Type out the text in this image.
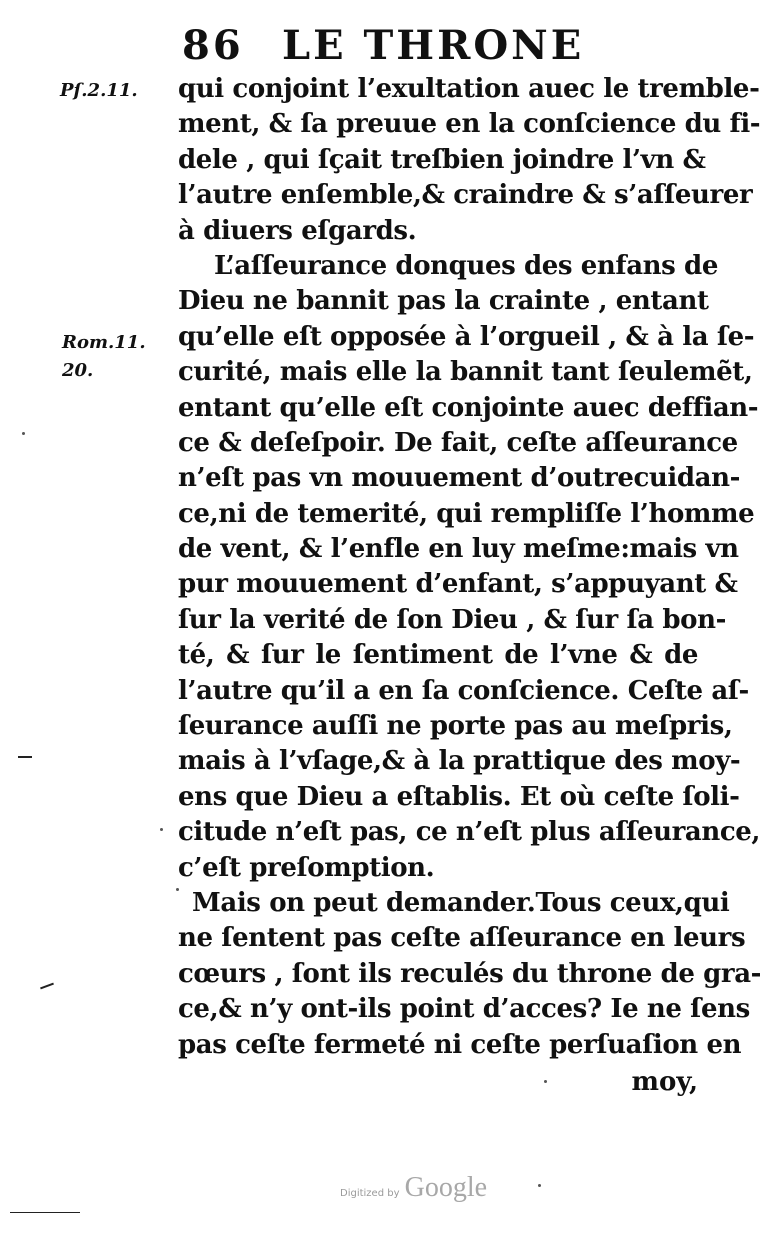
86 LE THRONE
Pſ.2.11.
Rom.11.
20.
qui conjoint l’exultation auec le tremble-
ment, & ſa preuue en la conſcience du fi-
dele , qui ſçait treſbien joindre l’vn &
l’autre enſemble,& craindre & s’aſſeurer
à diuers eſgards.
L’aſſeurance donques des enfans de
Dieu ne bannit pas la crainte , entant
qu’elle eſt opposée à l’orgueil , & à la ſe-
curité, mais elle la bannit tant ſeulemẽt,
entant qu’elle eſt conjointe auec deffian-
ce & deſeſpoir. De fait, ceſte aſſeurance
n’eſt pas vn mouuement d’outrecuidan-
ce,ni de temerité, qui rempliſſe l’homme
de vent, & l’enfle en luy meſme:mais vn
pur mouuement d’enfant, s’appuyant &
ſur la verité de ſon Dieu , & ſur ſa bon-
té, & ſur le ſentiment de l’vne & de
l’autre qu’il a en ſa conſcience. Ceſte aſ-
ſeurance auſſi ne porte pas au meſpris,
mais à l’vſage,& à la prattique des moy-
ens que Dieu a eſtablis. Et où ceſte ſoli-
citude n’eſt pas, ce n’eſt plus aſſeurance,
c’eſt preſomption.
Mais on peut demander.Tous ceux,qui
ne ſentent pas ceſte aſſeurance en leurs
cœurs , ſont ils reculés du throne de gra-
ce,& n’y ont-ils point d’acces? Ie ne ſens
pas ceſte fermeté ni ceſte perſuaſion en
moy,
Digitized by Google
